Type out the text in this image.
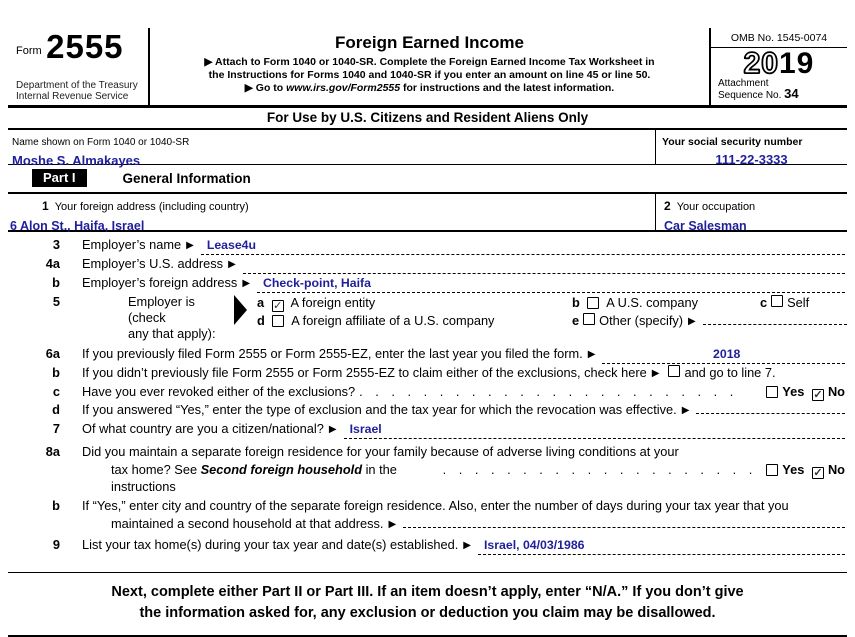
Form 2555
Department of the Treasury
Internal Revenue Service
Foreign Earned Income
▶ Attach to Form 1040 or 1040-SR. Complete the Foreign Earned Income Tax Worksheet in
the Instructions for Forms 1040 and 1040-SR if you enter an amount on line 45 or line 50.
▶ Go to www.irs.gov/Form2555 for instructions and the latest information.
OMB No. 1545-0074
2019
Attachment
Sequence No. 34
For Use by U.S. Citizens and Resident Aliens Only
Name shown on Form 1040 or 1040-SR
Moshe S. Almakayes
Your social security number
111-22-3333
Part I	General Information
1 Your foreign address (including country)
6 Alon St., Haifa, Israel
2 Your occupation
Car Salesman
3 Employer’s name ▶	Lease4u
4a Employer’s U.S. address ▶
b Employer’s foreign address ▶	Check-point, Haifa
5	Employer is (check
any that apply):
a ✓ A foreign entity	b A U.S. company	c Self
d A foreign affiliate of a U.S. company	e Other (specify) ▶
6a If you previously filed Form 2555 or Form 2555-EZ, enter the last year you filed the form. ▶	2018
b If you didn’t previously file Form 2555 or Form 2555-EZ to claim either of the exclusions, check here ▶ and go to line 7.
c Have you ever revoked either of the exclusions? . . . . . . . . . . . . . . . . . . . . . . . .	Yes ✓ No
d If you answered “Yes,” enter the type of exclusion and the tax year for which the revocation was effective. ▶
7 Of what country are you a citizen/national? ▶	Israel
8a Did you maintain a separate foreign residence for your family because of adverse living conditions at your
tax home? See Second foreign household in the instructions
. . . . . . . . . . . . . . . . . . . .	Yes ✓ No
b If “Yes,” enter city and country of the separate foreign residence. Also, enter the number of days during your tax year that you
maintained a second household at that address. ▶
9 List your tax home(s) during your tax year and date(s) established. ▶	Israel, 04/03/1986
Next, complete either Part II or Part III. If an item doesn’t apply, enter “N/A.” If you don’t give
the information asked for, any exclusion or deduction you claim may be disallowed.
